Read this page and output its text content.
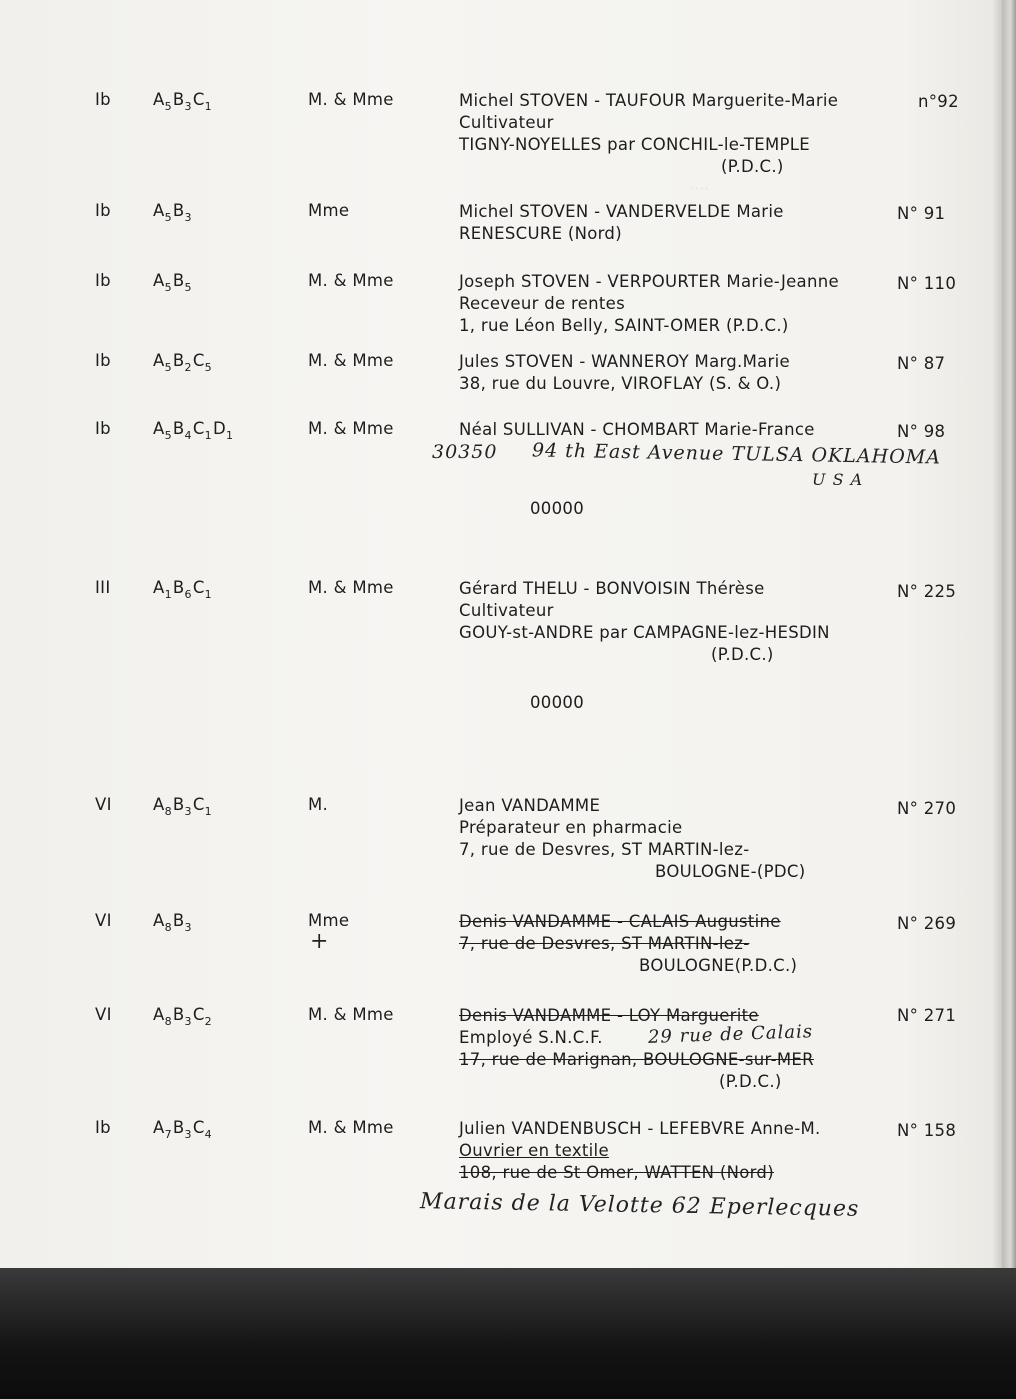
····
Ib	$A_5B_3C_1$	M. & Mme	Michel STOVEN - TAUFOUR Marguerite-Marie
Cultivateur
TIGNY-NOYELLES par CONCHIL-le-TEMPLE
(P.D.C.)
n°92
Ib	$A_5B_3$	Mme	Michel STOVEN - VANDERVELDE Marie
RENESCURE (Nord)
N° 91
Ib	$A_5B_5$	M. & Mme	Joseph STOVEN - VERPOURTER Marie-Jeanne
Receveur de rentes
1, rue Léon Belly, SAINT-OMER (P.D.C.)
N° 110
Ib	$A_5B_2C_5$	M. & Mme	Jules STOVEN - WANNEROY Marg.Marie
38, rue du Louvre, VIROFLAY (S. & O.)
N° 87
Ib	$A_5B_4C_1D_1$	M. & Mme	Néal SULLIVAN - CHOMBART Marie-France	N° 98
00000
III	$A_1B_6C_1$	M. & Mme	Gérard THELU - BONVOISIN Thérèse
Cultivateur
GOUY-st-ANDRE par CAMPAGNE-lez-HESDIN
(P.D.C.)
N° 225
00000
VI $A_8B_3C_1$	M.	Jean VANDAMME
Préparateur en pharmacie
7, rue de Desvres, ST MARTIN-lez-
BOULOGNE-(PDC)
N° 270
VI $A_8B_3$	Mme	Denis VANDAMME - CALAIS Augustine
7, rue de Desvres, ST MARTIN-lez-
BOULOGNE(P.D.C.)
N° 269
VI $A_8B_3C_2$	M. & Mme	Denis VANDAMME - LOY Marguerite
Employé S.N.C.F.
17, rue de Marignan, BOULOGNE-sur-MER
(P.D.C.)
N° 271
Ib	$A_7B_3C_4$	M. & Mme	Julien VANDENBUSCH - LEFEBVRE Anne-M.
Ouvrier en textile
108, rue de St Omer, WATTEN (Nord)
N° 158
30350 94 th East Avenue TULSA OKLAHOMA
U S A
+
29 rue de Calais
Marais de la Velotte 62 Eperlecques
